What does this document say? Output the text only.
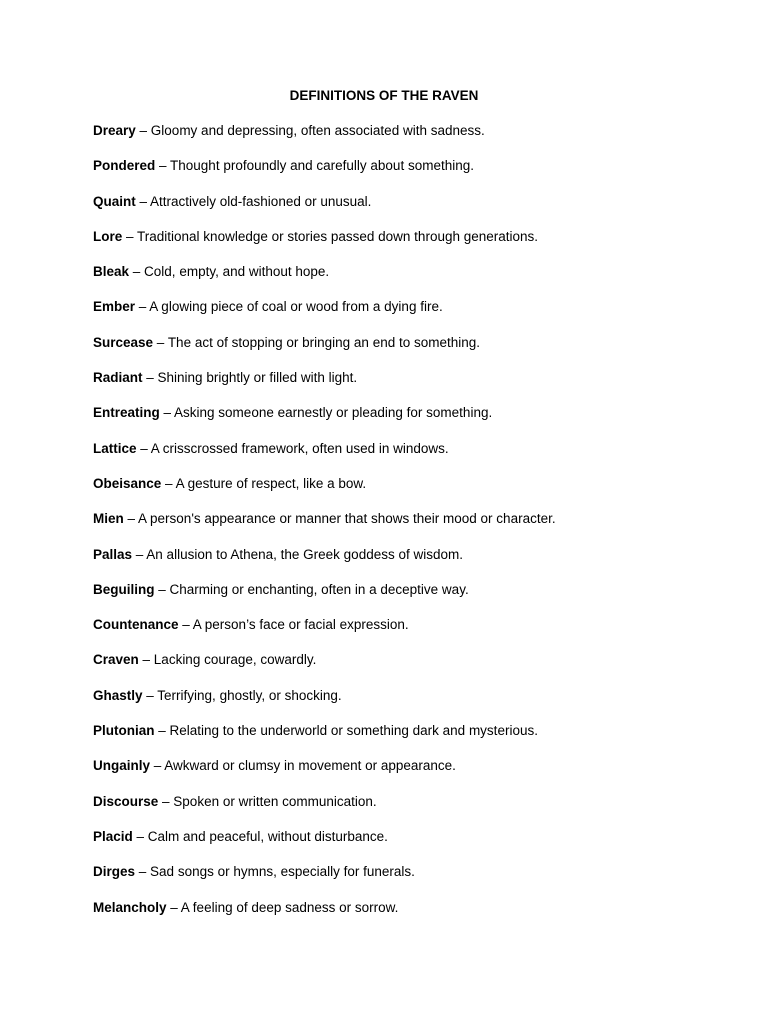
DEFINITIONS OF THE RAVEN
Dreary – Gloomy and depressing, often associated with sadness.
Pondered – Thought profoundly and carefully about something.
Quaint – Attractively old-fashioned or unusual.
Lore – Traditional knowledge or stories passed down through generations.
Bleak – Cold, empty, and without hope.
Ember – A glowing piece of coal or wood from a dying fire.
Surcease – The act of stopping or bringing an end to something.
Radiant – Shining brightly or filled with light.
Entreating – Asking someone earnestly or pleading for something.
Lattice – A crisscrossed framework, often used in windows.
Obeisance – A gesture of respect, like a bow.
Mien – A person's appearance or manner that shows their mood or character.
Pallas – An allusion to Athena, the Greek goddess of wisdom.
Beguiling – Charming or enchanting, often in a deceptive way.
Countenance – A person’s face or facial expression.
Craven – Lacking courage, cowardly.
Ghastly – Terrifying, ghostly, or shocking.
Plutonian – Relating to the underworld or something dark and mysterious.
Ungainly – Awkward or clumsy in movement or appearance.
Discourse – Spoken or written communication.
Placid – Calm and peaceful, without disturbance.
Dirges – Sad songs or hymns, especially for funerals.
Melancholy – A feeling of deep sadness or sorrow.
